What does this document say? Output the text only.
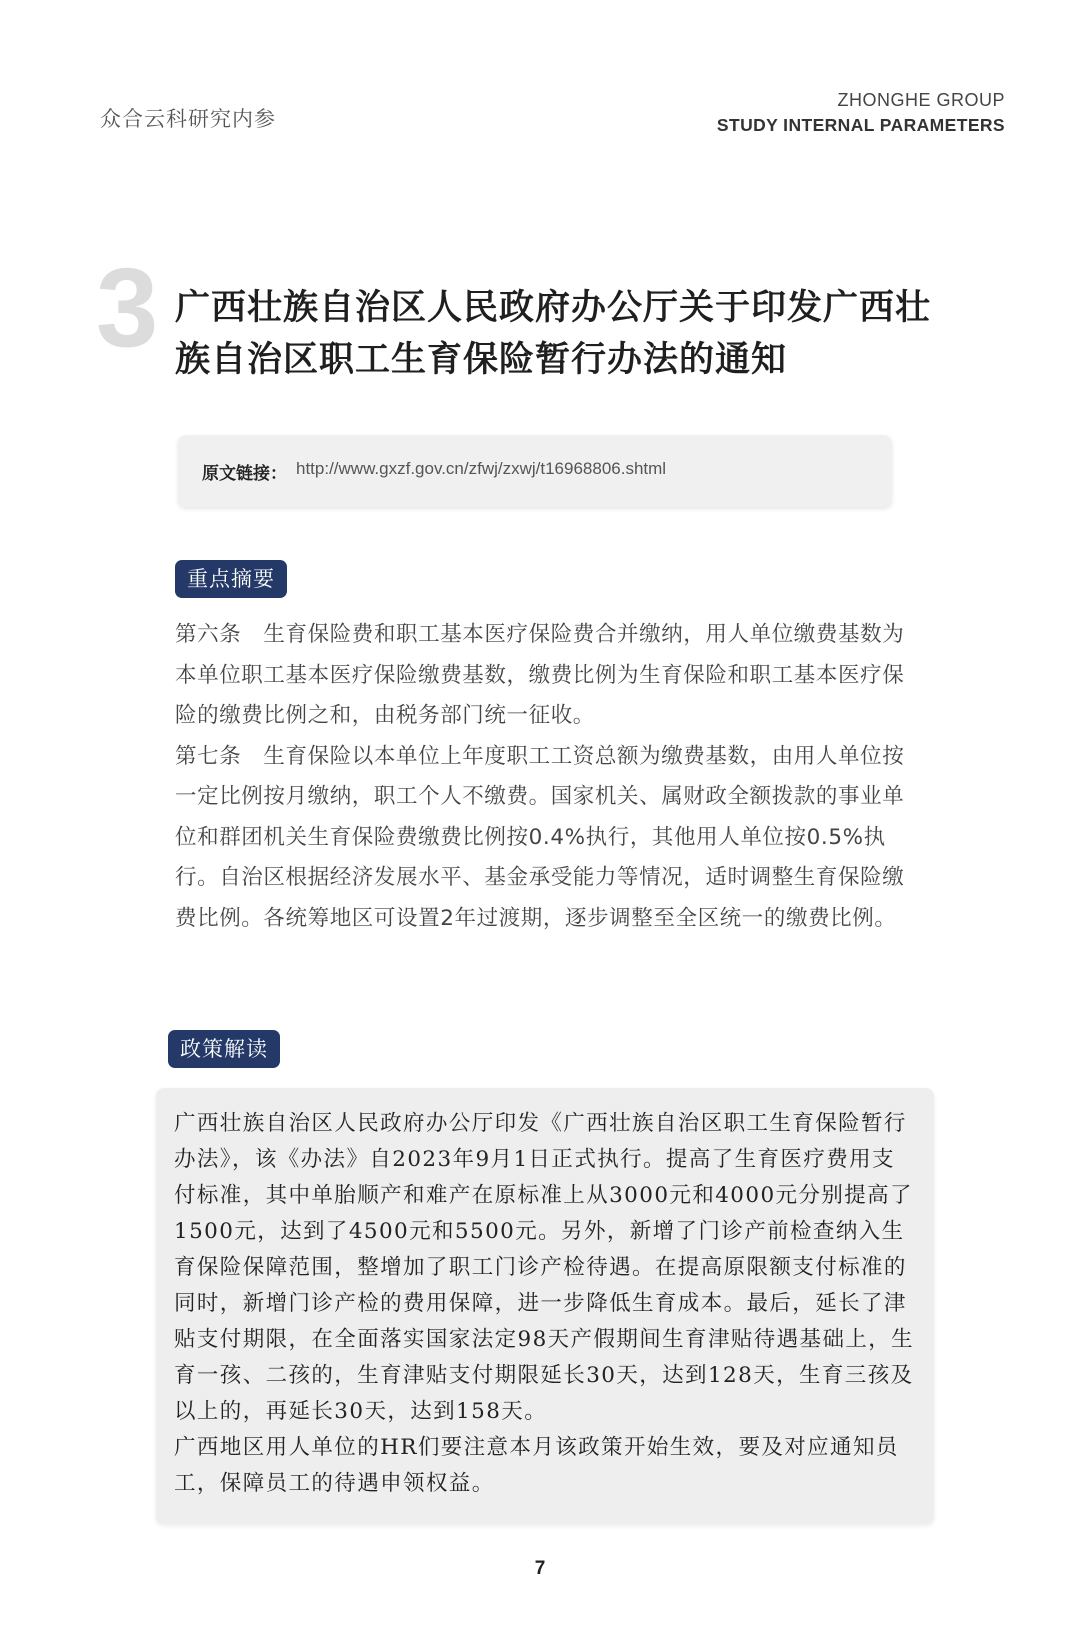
众合云科研究内参
ZHONGHE GROUP
STUDY INTERNAL PARAMETERS
3 广西壮族自治区人民政府办公厅关于印发广西壮族自治区职工生育保险暂行办法的通知
原文链接： http://www.gxzf.gov.cn/zfwj/zxwj/t16968806.shtml
重点摘要

第六条　生育保险费和职工基本医疗保险费合并缴纳，用人单位缴费基数为本单位职工基本医疗保险缴费基数，缴费比例为生育保险和职工基本医疗保险的缴费比例之和，由税务部门统一征收。

第七条　生育保险以本单位上年度职工工资总额为缴费基数，由用人单位按一定比例按月缴纳，职工个人不缴费。国家机关、属财政全额拨款的事业单位和群团机关生育保险费缴费比例按0.4%执行，其他用人单位按0.5%执行。自治区根据经济发展水平、基金承受能力等情况，适时调整生育保险缴费比例。各统筹地区可设置2年过渡期，逐步调整至全区统一的缴费比例。

政策解读

广西壮族自治区人民政府办公厅印发《广西壮族自治区职工生育保险暂行办法》，该《办法》自2023年9月1日正式执行。提高了生育医疗费用支付标准，其中单胎顺产和难产在原标准上从3000元和4000元分别提高了1500元，达到了4500元和5500元。另外，新增了门诊产前检查纳入生育保险保障范围，整增加了职工门诊产检待遇。在提高原限额支付标准的同时，新增门诊产检的费用保障，进一步降低生育成本。最后，延长了津贴支付期限，在全面落实国家法定98天产假期间生育津贴待遇基础上，生育一孩、二孩的，生育津贴支付期限延长30天，达到128天，生育三孩及以上的，再延长30天，达到158天。

广西地区用人单位的HR们要注意本月该政策开始生效，要及对应通知员工，保障员工的待遇申领权益。

7
